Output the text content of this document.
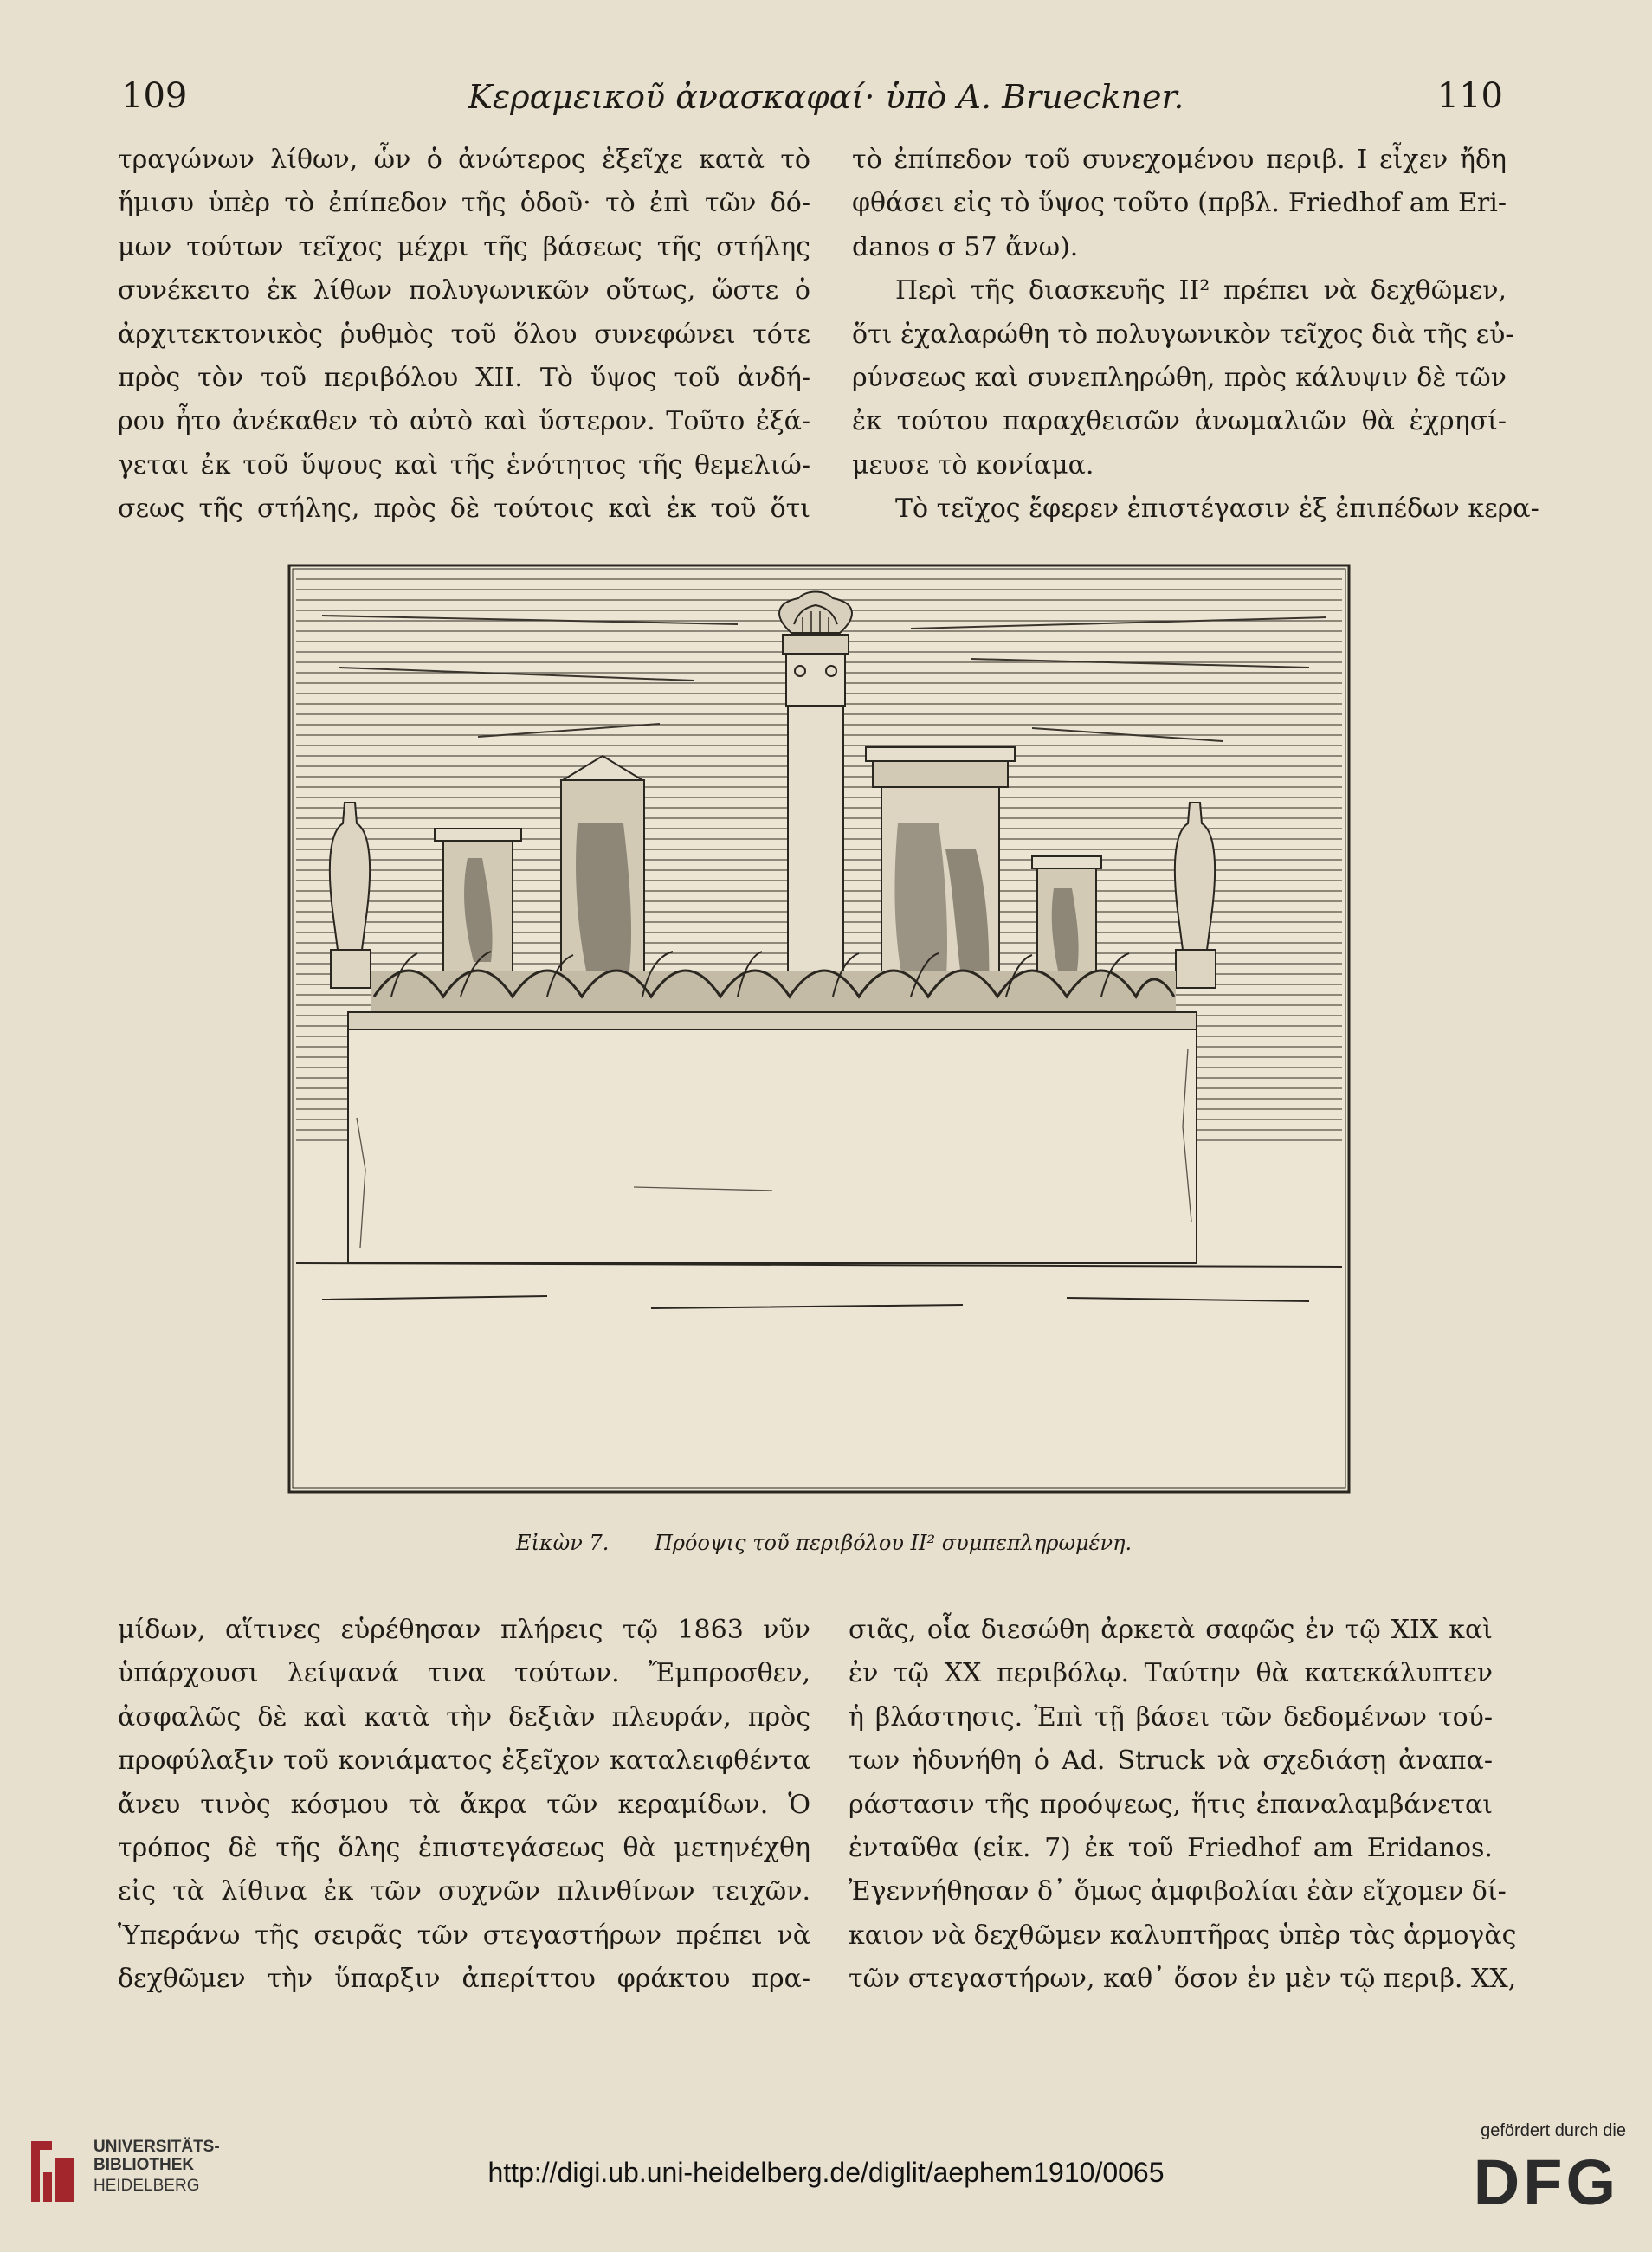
109	Κεραμεικοῦ ἀνασκαφαί· ὑπὸ Α. Brueckner.	110

τραγώνων λίθων, ὧν ὁ ἀνώτερος ἐξεῖχε κατὰ τὸ

ἥμισυ ὑπὲρ τὸ ἐπίπεδον τῆς ὁδοῦ· τὸ ἐπὶ τῶν δό-

μων τούτων τεῖχος μέχρι τῆς βάσεως τῆς στήλης

συνέκειτο ἐκ λίθων πολυγωνικῶν οὕτως, ὥστε ὁ

ἀρχιτεκτονικὸς ῥυθμὸς τοῦ ὅλου συνεφώνει τότε

πρὸς τὸν τοῦ περιβόλου XII. Τὸ ὕψος τοῦ ἀνδή-

ρου ἦτο ἀνέκαθεν τὸ αὐτὸ καὶ ὕστερον. Τοῦτο ἐξά-

γεται ἐκ τοῦ ὕψους καὶ τῆς ἑνότητος τῆς θεμελιώ-

σεως τῆς στήλης, πρὸς δὲ τούτοις καὶ ἐκ τοῦ ὅτι

τὸ ἐπίπεδον τοῦ συνεχομένου περιβ. I εἶχεν ἤδη

φθάσει εἰς τὸ ὕψος τοῦτο (πρβλ. Friedhof am Eri-

danos σ 57 ἄνω).

Περὶ τῆς διασκευῆς II² πρέπει νὰ δεχθῶμεν,

ὅτι ἐχαλαρώθη τὸ πολυγωνικὸν τεῖχος διὰ τῆς εὐ-

ρύνσεως καὶ συνεπληρώθη, πρὸς κάλυψιν δὲ τῶν

ἐκ τούτου παραχθεισῶν ἀνωμαλιῶν θὰ ἐχρησί-

μευσε τὸ κονίαμα.

Τὸ τεῖχος ἔφερεν ἐπιστέγασιν ἐξ ἐπιπέδων κερα-

Εἰκὼν 7. Πρόοψις τοῦ περιβόλου II² συμπεπληρωμένη.

μίδων, αἵτινες εὑρέθησαν πλήρεις τῷ 1863 νῦν

ὑπάρχουσι λείψανά τινα τούτων. Ἔμπροσθεν,

ἀσφαλῶς δὲ καὶ κατὰ τὴν δεξιὰν πλευράν, πρὸς

προφύλαξιν τοῦ κονιάματος ἐξεῖχον καταλειφθέντα

ἄνευ τινὸς κόσμου τὰ ἄκρα τῶν κεραμίδων. Ὁ

τρόπος δὲ τῆς ὅλης ἐπιστεγάσεως θὰ μετηνέχθη

εἰς τὰ λίθινα ἐκ τῶν συχνῶν πλινθίνων τειχῶν.

Ὑπεράνω τῆς σειρᾶς τῶν στεγαστήρων πρέπει νὰ

δεχθῶμεν τὴν ὕπαρξιν ἀπερίττου φράκτου πρα-

σιᾶς, οἷα διεσώθη ἀρκετὰ σαφῶς ἐν τῷ XIX καὶ

ἐν τῷ XX περιβόλῳ. Ταύτην θὰ κατεκάλυπτεν

ἡ βλάστησις. Ἐπὶ τῇ βάσει τῶν δεδομένων τού-

των ἠδυνήθη ὁ Ad. Struck νὰ σχεδιάσῃ ἀναπα-

ράστασιν τῆς προόψεως, ἥτις ἐπαναλαμβάνεται

ἐνταῦθα (εἰκ. 7) ἐκ τοῦ Friedhof am Eridanos.

Ἐγεννήθησαν δ᾽ ὅμως ἀμφιβολίαι ἐὰν εἴχομεν δί-

καιον νὰ δεχθῶμεν καλυπτῆρας ὑπὲρ τὰς ἁρμογὰς

τῶν στεγαστήρων, καθ᾽ ὅσον ἐν μὲν τῷ περιβ. XX,

UNIVERSITÄTS-
BIBLIOTHEK
HEIDELBERG	http://digi.ub.uni-heidelberg.de/diglit/aephem1910/0065
gefördert durch die
DFG
